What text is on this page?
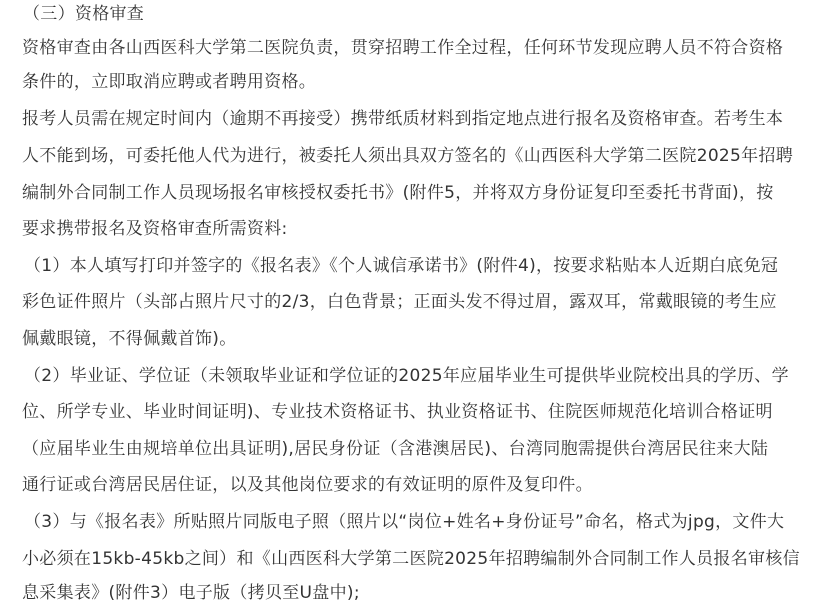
（三）资格审查
资格审查由各山西医科大学第二医院负责，贯穿招聘工作全过程，任何环节发现应聘人员不符合资格
条件的，立即取消应聘或者聘用资格。
报考人员需在规定时间内（逾期不再接受）携带纸质材料到指定地点进行报名及资格审查。若考生本
人不能到场，可委托他人代为进行，被委托人须出具双方签名的《山西医科大学第二医院2025年招聘
编制外合同制工作人员现场报名审核授权委托书》(附件5，并将双方身份证复印至委托书背面)，按
要求携带报名及资格审查所需资料:
（1）本人填写打印并签字的《报名表》《个人诚信承诺书》(附件4)，按要求粘贴本人近期白底免冠
彩色证件照片（头部占照片尺寸的2/3，白色背景；正面头发不得过眉，露双耳，常戴眼镜的考生应
佩戴眼镜，不得佩戴首饰)。
（2）毕业证、学位证（未领取毕业证和学位证的2025年应届毕业生可提供毕业院校出具的学历、学
位、所学专业、毕业时间证明)、专业技术资格证书、执业资格证书、住院医师规范化培训合格证明
（应届毕业生由规培单位出具证明),居民身份证（含港澳居民)、台湾同胞需提供台湾居民往来大陆
通行证或台湾居民居住证，以及其他岗位要求的有效证明的原件及复印件。
（3）与《报名表》所贴照片同版电子照（照片以“岗位+姓名+身份证号”命名，格式为jpg，文件大
小必须在15kb-45kb之间）和《山西医科大学第二医院2025年招聘编制外合同制工作人员报名审核信
息采集表》(附件3）电子版（拷贝至U盘中);
